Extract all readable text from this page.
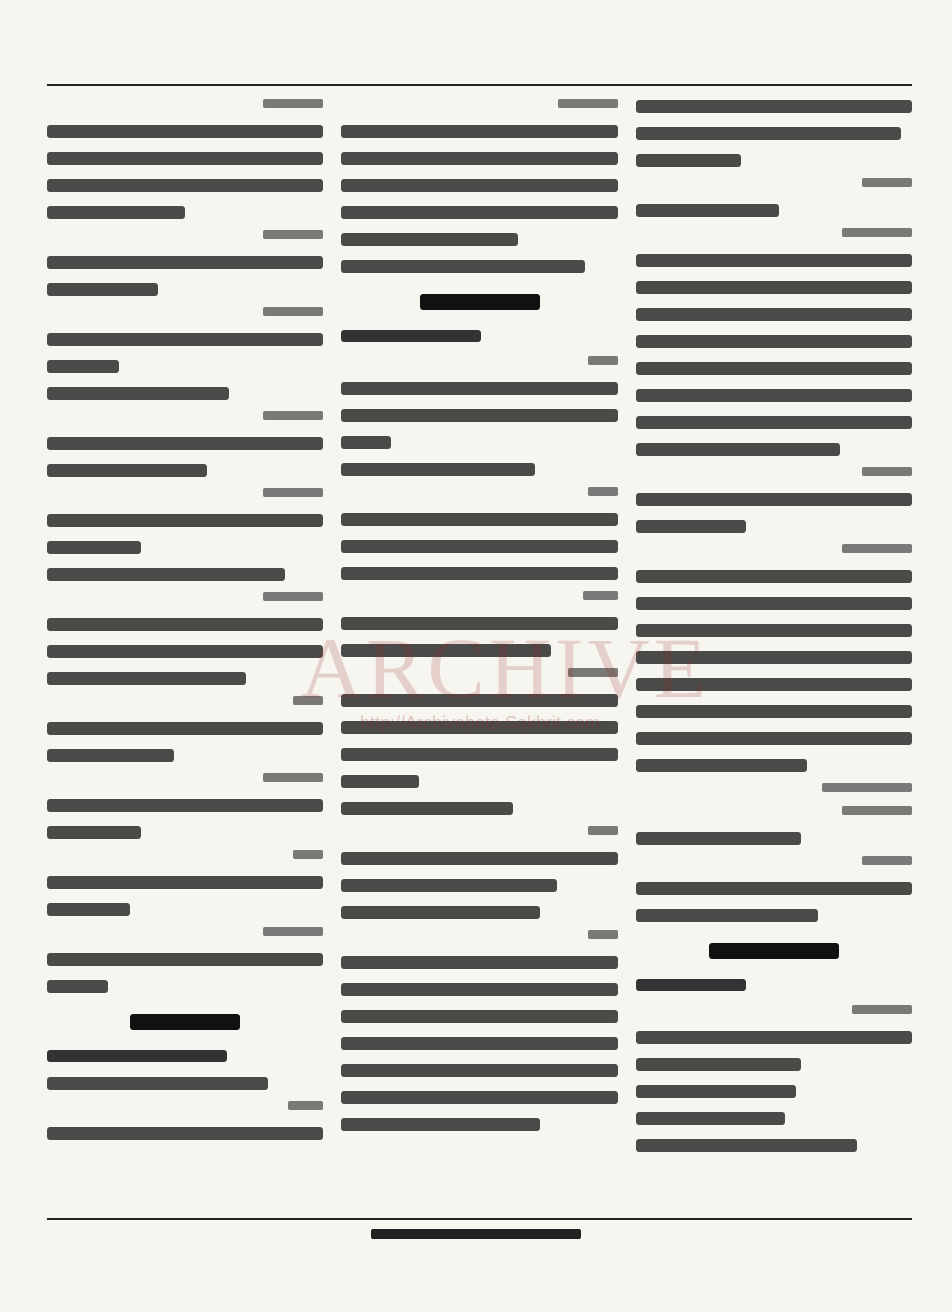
ARCHIVE
http://Archivebeta.Sakhrit.com
